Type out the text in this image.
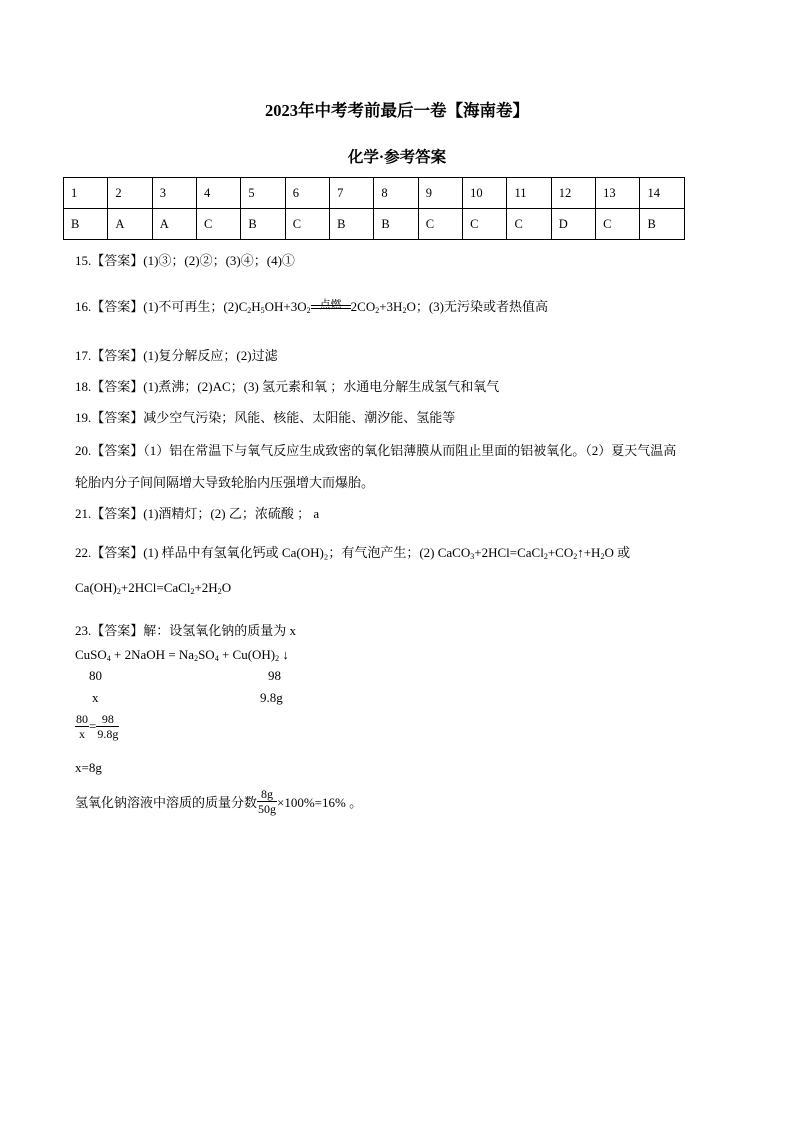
2023年中考考前最后一卷【海南卷】
化学·参考答案
1	2	3	4	5	6	7	8	9	10	11	12	13	14
B	A	A	C	B	C	B	B	C	C	C	D	C	B
15.【答案】(1)③；(2)②；(3)④；(4)①
16.【答案】(1)不可再生；$(2)C_2H_5OH+3O_2$ 点燃 $2CO_2+3H_2O$；(3)无污染或者热值高
17.【答案】(1)复分解反应；(2)过滤
18.【答案】(1)煮沸；(2)AC；(3) 氢元素和氧 ；水通电分解生成氢气和氧气
19.【答案】减少空气污染；风能、核能、太阳能、潮汐能、氢能等
20.【答案】（1）铝在常温下与氧气反应生成致密的氧化铝薄膜从而阻止里面的铝被氧化。（2）夏天气温高
轮胎内分子间间隔增大导致轮胎内压强增大而爆胎。
21.【答案】(1)酒精灯；(2) 乙；浓硫酸 ； a
22.【答案】(1) 样品中有氢氧化钙或 Ca(OH)₂；有气泡产生；(2) $CaCO_3+2HCl=CaCl_2+CO_2↑+H_2O$ 或
$Ca(OH)_2+2HCl=CaCl_2+2H_2O$
23.【答案】解：设氢氧化钠的质量为 x
CuSO$_4$ + 2NaOH = $Na_2SO_4 + Cu(OH)_2$ ↓
80	98
x	9.8g
$\frac{80}{x} = \frac{98}{9.8g}$
x=8g
氢氧化钠溶液中溶质的质量分数 $\frac{8g}{50g} \times 100\%=16\%$ 。
